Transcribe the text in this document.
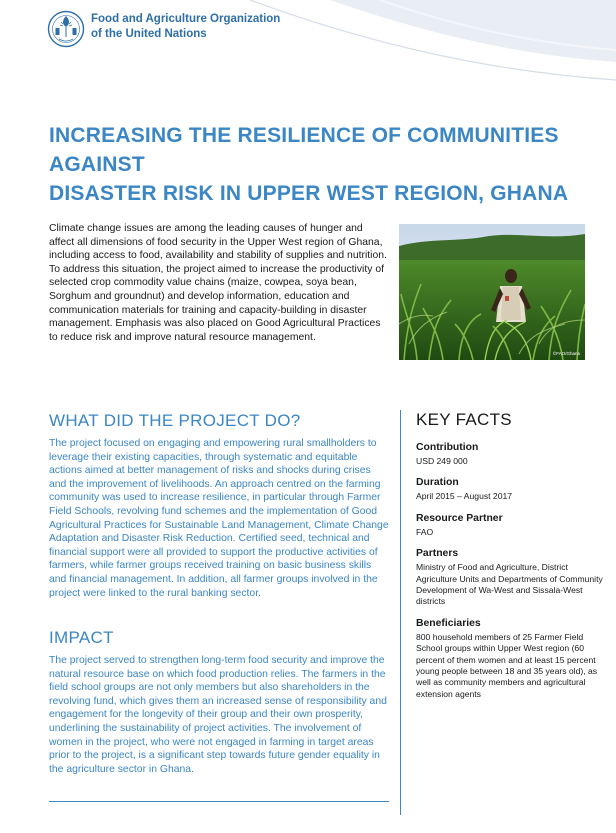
Food and Agriculture Organization
of the United Nations
INCREASING THE RESILIENCE OF COMMUNITIES AGAINST
DISASTER RISK IN UPPER WEST REGION, GHANA

Climate change issues are among the leading causes of hunger and affect all dimensions of food security in the Upper West region of Ghana, including access to food, availability and stability of supplies and nutrition. To address this situation, the project aimed to increase the productivity of selected crop commodity value chains (maize, cowpea, soya bean, Sorghum and groundnut) and develop information, education and communication materials for training and capacity-building in disaster management. Emphasis was also placed on Good Agricultural Practices to reduce risk and improve natural resource management.

©FAO/Ghana
WHAT DID THE PROJECT DO?

The project focused on engaging and empowering rural smallholders to leverage their existing capacities, through systematic and equitable actions aimed at better management of risks and shocks during crises and the improvement of livelihoods. An approach centred on the farming community was used to increase resilience, in particular through Farmer Field Schools, revolving fund schemes and the implementation of Good Agricultural Practices for Sustainable Land Management, Climate Change Adaptation and Disaster Risk Reduction. Certified seed, technical and financial support were all provided to support the productive activities of farmers, while farmer groups received training on basic business skills and financial management. In addition, all farmer groups involved in the project were linked to the rural banking sector.

IMPACT

The project served to strengthen long-term food security and improve the natural resource base on which food production relies. The farmers in the field school groups are not only members but also shareholders in the revolving fund, which gives them an increased sense of responsibility and engagement for the longevity of their group and their own prosperity, underlining the sustainability of project activities. The involvement of women in the project, who were not engaged in farming in target areas prior to the project, is a significant step towards future gender equality in the agriculture sector in Ghana.

KEY FACTS
Contribution
USD 249 000
Duration
April 2015 – August 2017
Resource Partner
FAO
Partners
Ministry of Food and Agriculture, District Agriculture Units and Departments of Community Development of Wa-West and Sissala-West districts
Beneficiaries
800 household members of 25 Farmer Field School groups within Upper West region (60 percent of them women and at least 15 percent young people between 18 and 35 years old), as well as community members and agricultural extension agents
